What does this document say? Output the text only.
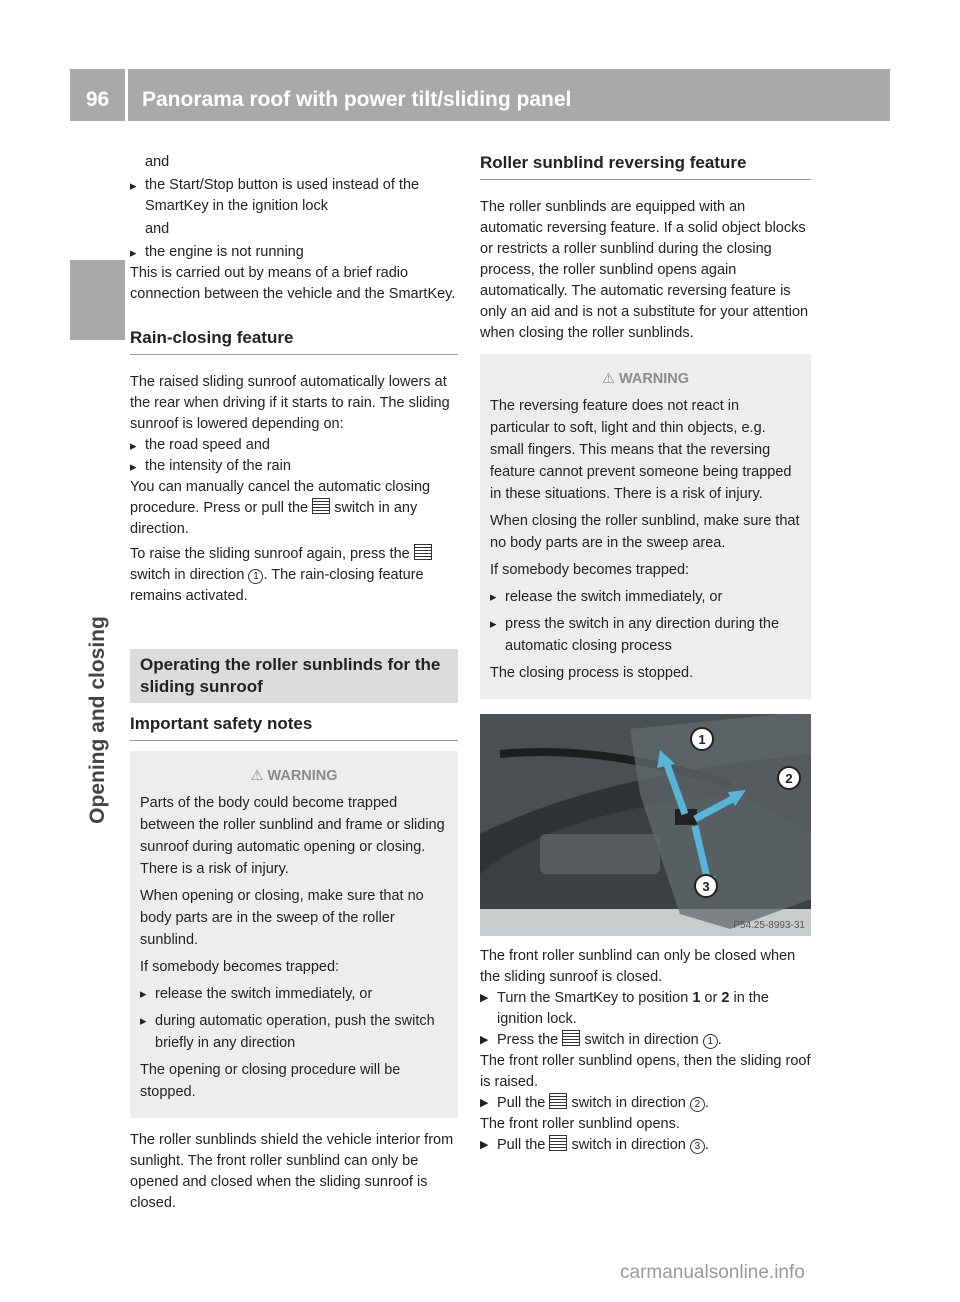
96	Panorama roof with power tilt/sliding panel
Opening and closing

and

▸ the Start/Stop button is used instead of the SmartKey in the ignition lock

and

▸ the engine is not running

This is carried out by means of a brief radio connection between the vehicle and the SmartKey.

Rain-closing feature

The raised sliding sunroof automatically lowers at the rear when driving if it starts to rain. The sliding sunroof is lowered depending on:

▸ the road speed and

▸ the intensity of the rain

You can manually cancel the automatic closing procedure. Press or pull the switch in any direction.

To raise the sliding sunroof again, press the  switch in direction 1 . The rain-closing feature remains activated.

Operating the roller sunblinds for the sliding sunroof
Important safety notes

⚠ WARNING

Parts of the body could become trapped between the roller sunblind and frame or sliding sunroof during automatic opening or closing. There is a risk of injury.

When opening or closing, make sure that no body parts are in the sweep of the roller sunblind.

If somebody becomes trapped:

▸ release the switch immediately, or

▸ during automatic operation, push the switch briefly in any direction

The opening or closing procedure will be stopped.

The roller sunblinds shield the vehicle interior from sunlight. The front roller sunblind can only be opened and closed when the sliding sunroof is closed.

Roller sunblind reversing feature

The roller sunblinds are equipped with an automatic reversing feature. If a solid object blocks or restricts a roller sunblind during the closing process, the roller sunblind opens again automatically. The automatic reversing feature is only an aid and is not a substitute for your attention when closing the roller sunblinds.

⚠ WARNING

The reversing feature does not react in particular to soft, light and thin objects, e.g. small fingers. This means that the reversing feature cannot prevent someone being trapped in these situations. There is a risk of injury.

When closing the roller sunblind, make sure that no body parts are in the sweep area.

If somebody becomes trapped:

▸ release the switch immediately, or

▸ press the switch in any direction during the automatic closing process

The closing process is stopped.

1
2
3
P54.25-8993-31

The front roller sunblind can only be closed when the sliding sunroof is closed.

▶ Turn the SmartKey to position 1 or 2 in the ignition lock.

▶ Press the switch in direction 1 .

The front roller sunblind opens, then the sliding roof is raised.

▶ Pull the switch in direction 2 .

The front roller sunblind opens.

▶ Pull the switch in direction 3 .

carmanualsonline.info
